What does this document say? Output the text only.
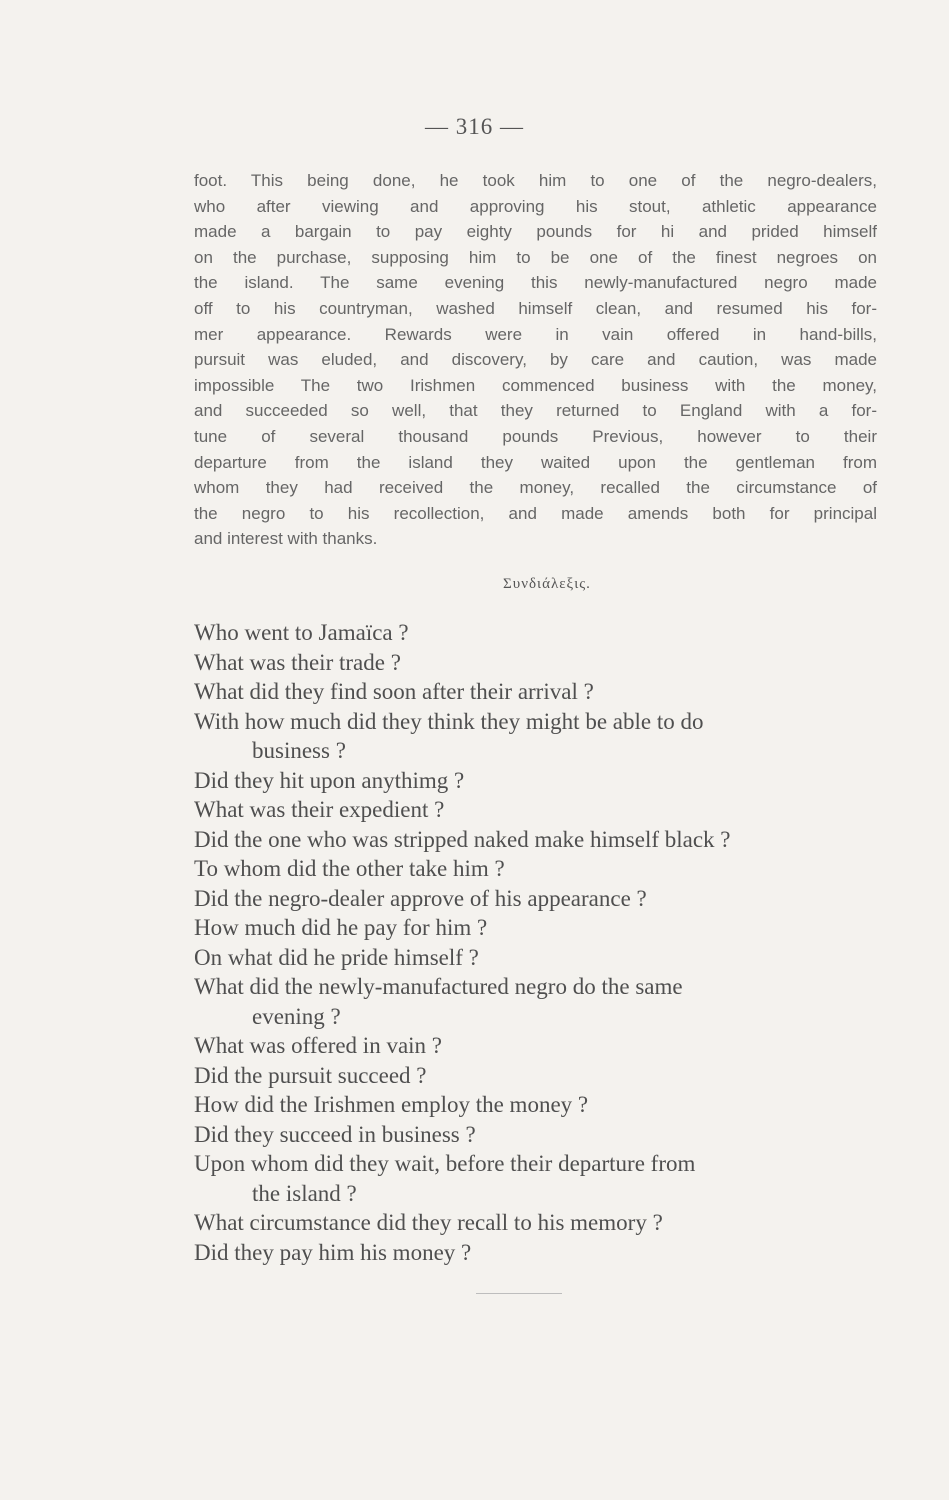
— 316 —
foot. This being done, he took him to one of the negro-dealers,
who after viewing and approving his stout, athletic appearance
made a bargain to pay eighty pounds for hi and prided himself
on the purchase, supposing him to be one of the finest negroes on
the island. The same evening this newly-manufactured negro made
off to his countryman, washed himself clean, and resumed his for-
mer appearance. Rewards were in vain offered in hand-bills,
pursuit was eluded, and discovery, by care and caution, was made
impossible The two Irishmen commenced business with the money,
and succeeded so well, that they returned to England with a for-
tune of several thousand pounds Previous, however to their
departure from the island they waited upon the gentleman from
whom they had received the money, recalled the circumstance of
the negro to his recollection, and made amends both for principal
and interest with thanks.
Συνδιάλεξις.
Who went to Jamaïca ?
What was their trade ?
What did they find soon after their arrival ?
With how much did they think they might be able to do
business ?
Did they hit upon anythimg ?
What was their expedient ?
Did the one who was stripped naked make himself black ?
To whom did the other take him ?
Did the negro-dealer approve of his appearance ?
How much did he pay for him ?
On what did he pride himself ?
What did the newly-manufactured negro do the same
evening ?
What was offered in vain ?
Did the pursuit succeed ?
How did the Irishmen employ the money ?
Did they succeed in business ?
Upon whom did they wait, before their departure from
the island ?
What circumstance did they recall to his memory ?
Did they pay him his money ?
